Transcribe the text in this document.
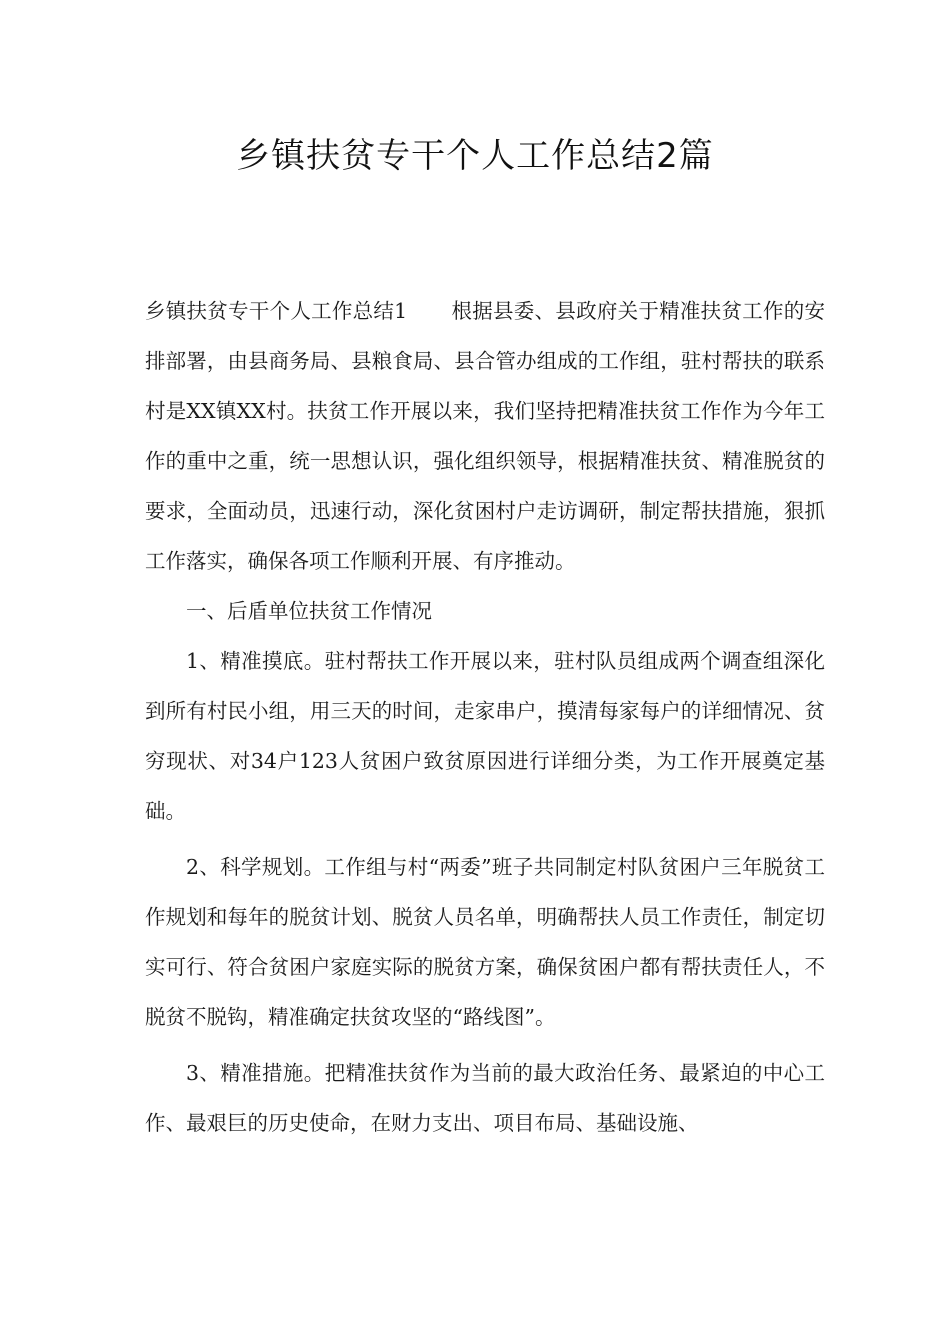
乡镇扶贫专干个人工作总结2篇

乡镇扶贫专干个人工作总结1 根据县委、县政府关于精准扶贫工作的安排部署，由县商务局、县粮食局、县合管办组成的工作组，驻村帮扶的联系村是XX镇XX村。扶贫工作开展以来，我们坚持把精准扶贫工作作为今年工作的重中之重，统一思想认识，强化组织领导，根据精准扶贫、精准脱贫的要求，全面动员，迅速行动，深化贫困村户走访调研，制定帮扶措施，狠抓工作落实，确保各项工作顺利开展、有序推动。

一、后盾单位扶贫工作情况

1、精准摸底。驻村帮扶工作开展以来，驻村队员组成两个调查组深化到所有村民小组，用三天的时间，走家串户，摸清每家每户的详细情况、贫穷现状、对34户123人贫困户致贫原因进行详细分类，为工作开展奠定基础。

2、科学规划。工作组与村“两委”班子共同制定村队贫困户三年脱贫工作规划和每年的脱贫计划、脱贫人员名单，明确帮扶人员工作责任，制定切实可行、符合贫困户家庭实际的脱贫方案，确保贫困户都有帮扶责任人，不脱贫不脱钩，精准确定扶贫攻坚的“路线图”。

3、精准措施。把精准扶贫作为当前的最大政治任务、最紧迫的中心工作、最艰巨的历史使命，在财力支出、项目布局、基础设施、
